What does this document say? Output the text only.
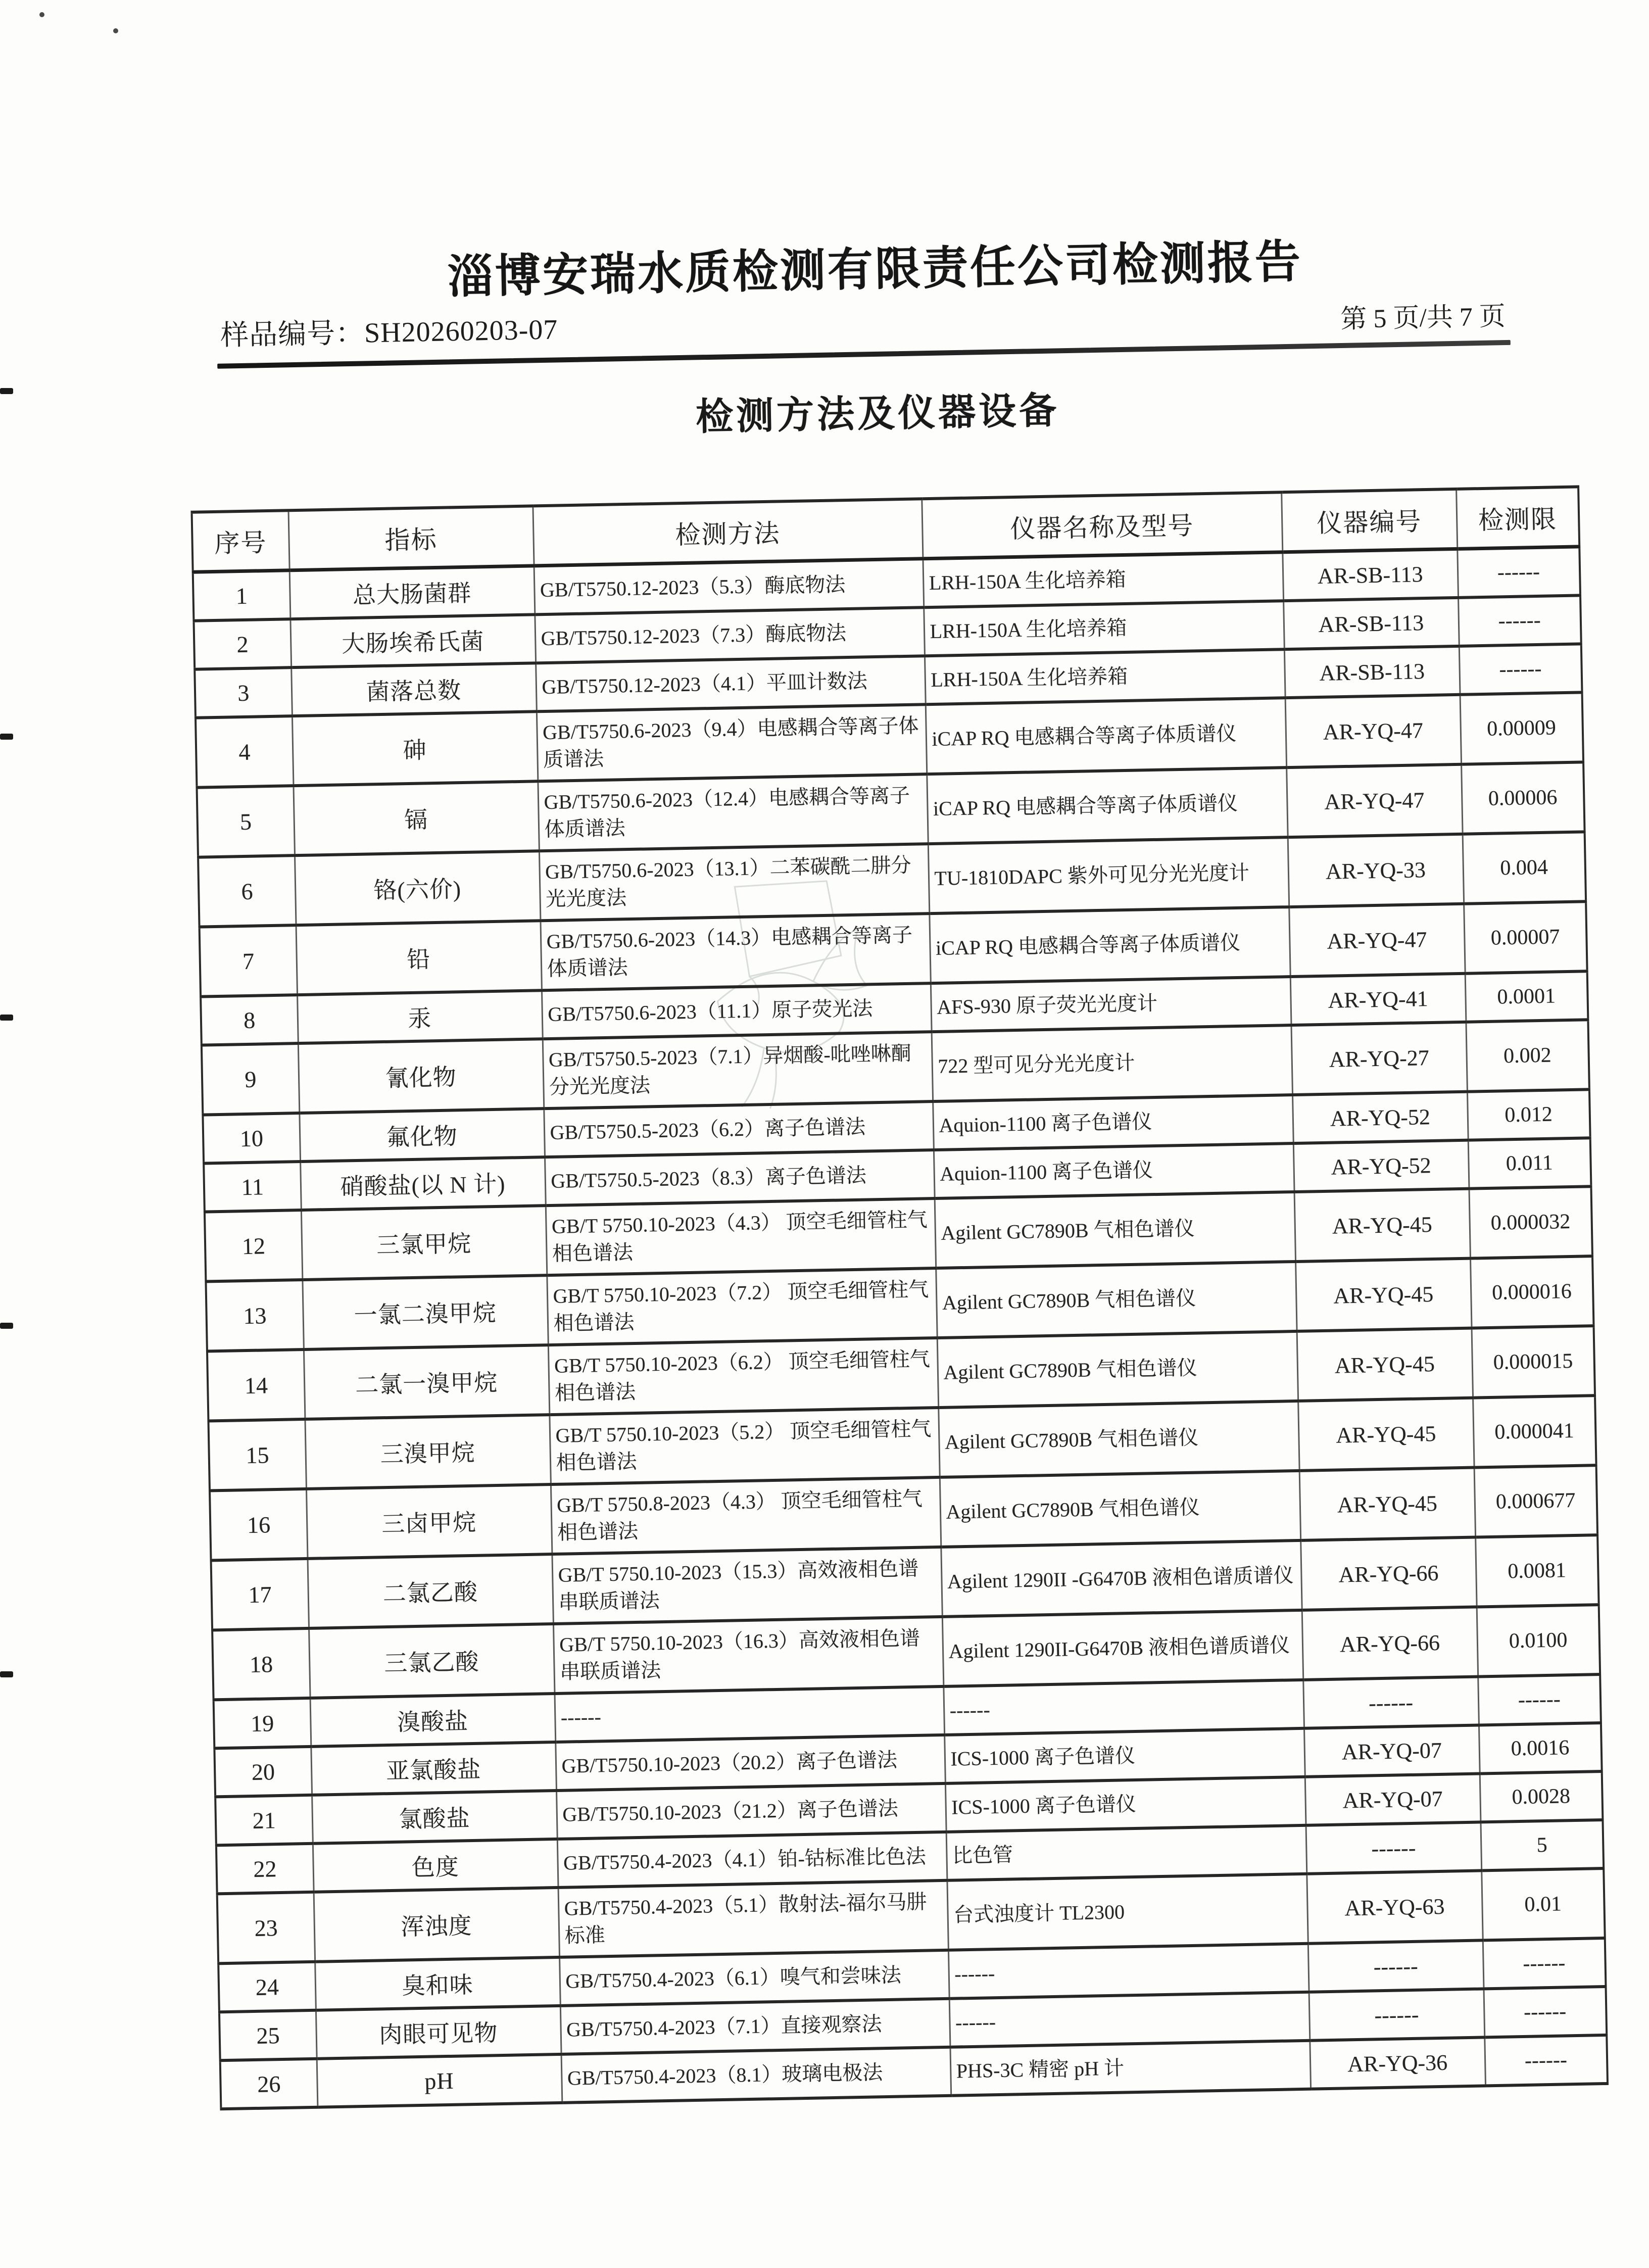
淄博安瑞水质检测有限责任公司检测报告
样品编号：SH20260203-07	第 5 页/共 7 页
检测方法及仪器设备
序号	指标	检测方法	仪器名称及型号	仪器编号	检测限
1	总大肠菌群	GB/T5750.12-2023（5.3）酶底物法	LRH-150A 生化培养箱	AR-SB-113	------
2	大肠埃希氏菌	GB/T5750.12-2023（7.3）酶底物法	LRH-150A 生化培养箱	AR-SB-113	------
3	菌落总数	GB/T5750.12-2023（4.1）平皿计数法	LRH-150A 生化培养箱	AR-SB-113	------
4	砷	GB/T5750.6-2023（9.4）电感耦合等离子体质谱法	iCAP RQ 电感耦合等离子体质谱仪	AR-YQ-47	0.00009
5	镉	GB/T5750.6-2023（12.4）电感耦合等离子体质谱法	iCAP RQ 电感耦合等离子体质谱仪	AR-YQ-47	0.00006
6	铬(六价)	GB/T5750.6-2023（13.1）二苯碳酰二肼分光光度法	TU-1810DAPC 紫外可见分光光度计	AR-YQ-33	0.004
7	铅	GB/T5750.6-2023（14.3）电感耦合等离子体质谱法	iCAP RQ 电感耦合等离子体质谱仪	AR-YQ-47	0.00007
8	汞	GB/T5750.6-2023（11.1）原子荧光法	AFS-930 原子荧光光度计	AR-YQ-41	0.0001
9	氰化物	GB/T5750.5-2023（7.1）异烟酸-吡唑啉酮分光光度法	722 型可见分光光度计	AR-YQ-27	0.002
10	氟化物	GB/T5750.5-2023（6.2）离子色谱法	Aquion-1100 离子色谱仪	AR-YQ-52	0.012
11	硝酸盐(以 N 计)	GB/T5750.5-2023（8.3）离子色谱法	Aquion-1100 离子色谱仪	AR-YQ-52	0.011
12	三氯甲烷	GB/T 5750.10-2023（4.3） 顶空毛细管柱气相色谱法	Agilent GC7890B 气相色谱仪	AR-YQ-45	0.000032
13	一氯二溴甲烷	GB/T 5750.10-2023（7.2） 顶空毛细管柱气相色谱法	Agilent GC7890B 气相色谱仪	AR-YQ-45	0.000016
14	二氯一溴甲烷	GB/T 5750.10-2023（6.2） 顶空毛细管柱气相色谱法	Agilent GC7890B 气相色谱仪	AR-YQ-45	0.000015
15	三溴甲烷	GB/T 5750.10-2023（5.2） 顶空毛细管柱气相色谱法	Agilent GC7890B 气相色谱仪	AR-YQ-45	0.000041
16	三卤甲烷	GB/T 5750.8-2023（4.3） 顶空毛细管柱气相色谱法	Agilent GC7890B 气相色谱仪	AR-YQ-45	0.000677
17	二氯乙酸	GB/T 5750.10-2023（15.3）高效液相色谱串联质谱法	Agilent 1290II -G6470B 液相色谱质谱仪	AR-YQ-66	0.0081
18	三氯乙酸	GB/T 5750.10-2023（16.3）高效液相色谱串联质谱法	Agilent 1290II-G6470B 液相色谱质谱仪	AR-YQ-66	0.0100
19	溴酸盐	------	------	------	------
20	亚氯酸盐	GB/T5750.10-2023（20.2）离子色谱法	ICS-1000 离子色谱仪	AR-YQ-07	0.0016
21	氯酸盐	GB/T5750.10-2023（21.2）离子色谱法	ICS-1000 离子色谱仪	AR-YQ-07	0.0028
22	色度	GB/T5750.4-2023（4.1）铂-钴标准比色法	比色管	------	5
23	浑浊度	GB/T5750.4-2023（5.1）散射法-福尔马肼标准	台式浊度计 TL2300	AR-YQ-63	0.01
24	臭和味	GB/T5750.4-2023（6.1）嗅气和尝味法	------	------	------
25	肉眼可见物	GB/T5750.4-2023（7.1）直接观察法	------	------	------
26	pH	GB/T5750.4-2023（8.1）玻璃电极法	PHS-3C 精密 pH 计	AR-YQ-36	------
